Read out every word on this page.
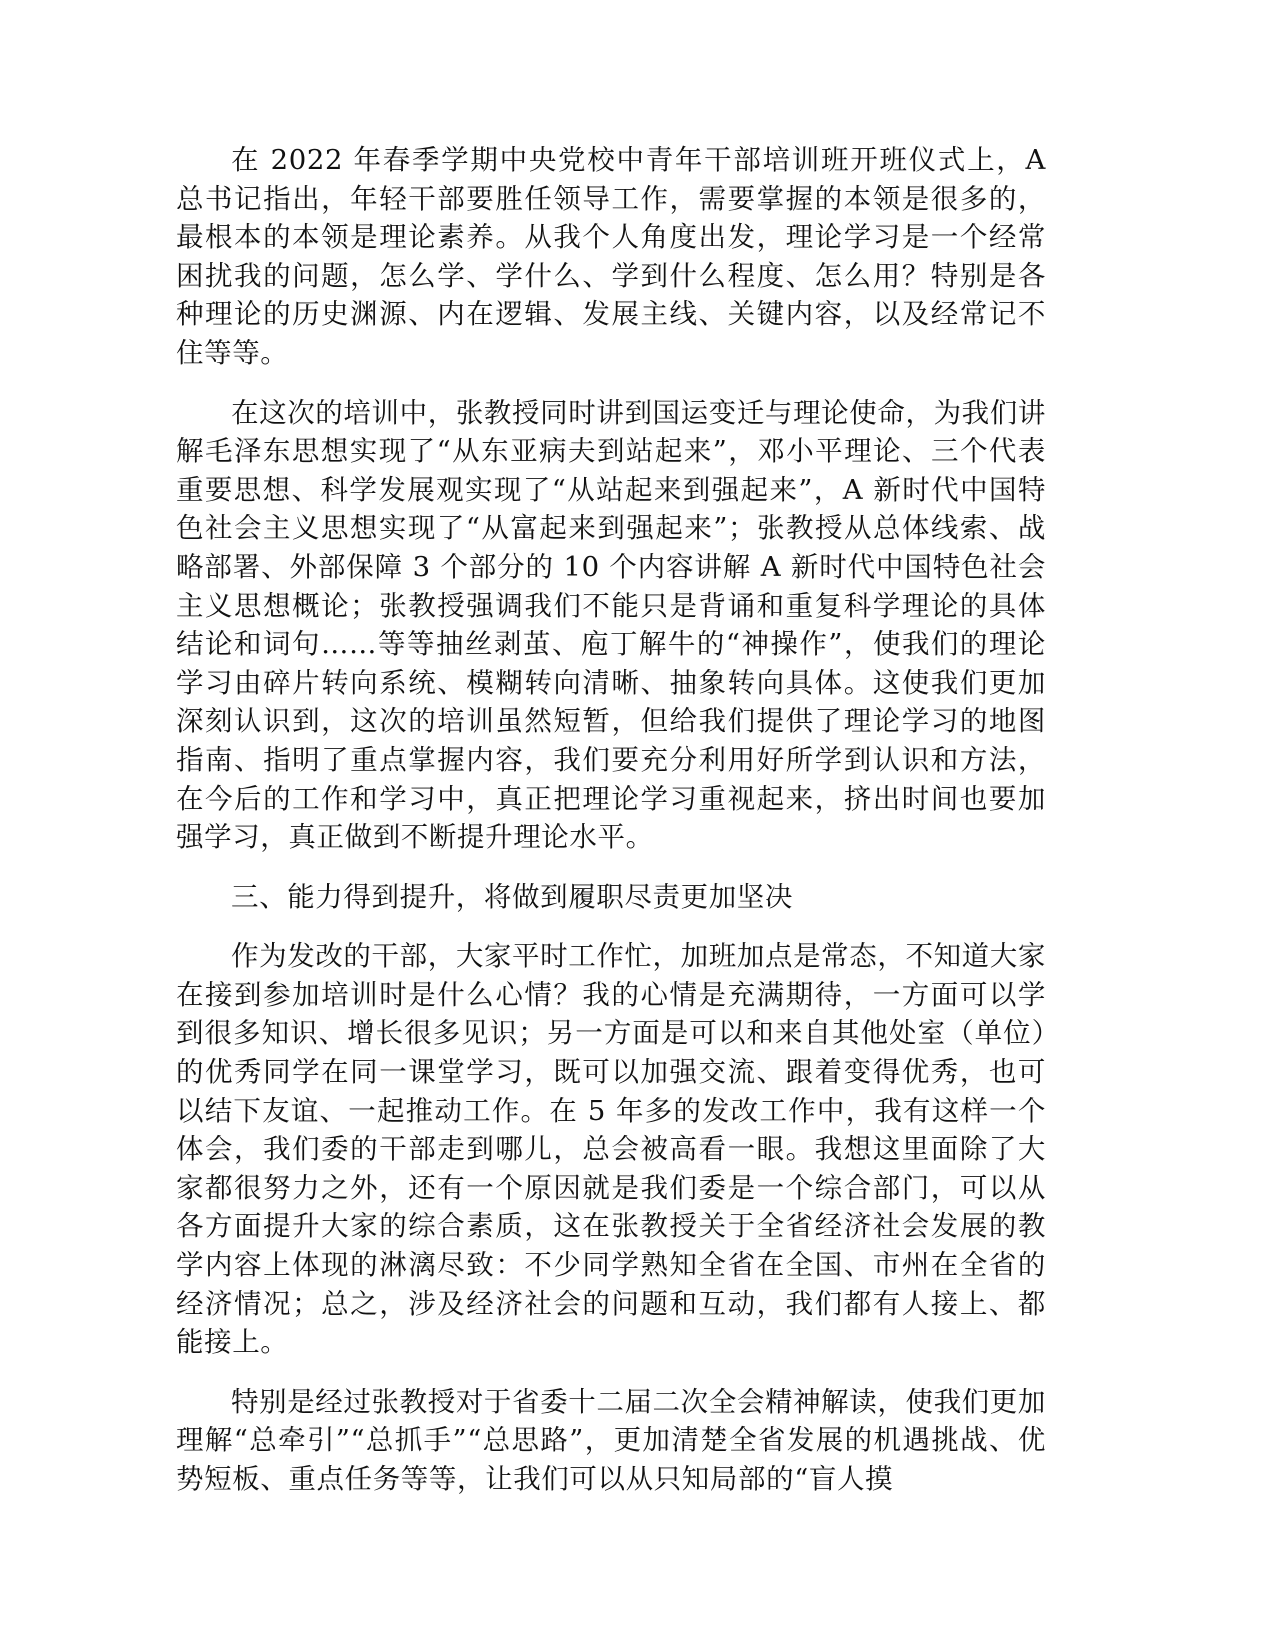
在 2022 年春季学期中央党校中青年干部培训班开班仪式上，A 总书记指出，年轻干部要胜任领导工作，需要掌握的本领是很多的，最根本的本领是理论素养。从我个人角度出发，理论学习是一个经常困扰我的问题，怎么学、学什么、学到什么程度、怎么用？特别是各种理论的历史渊源、内在逻辑、发展主线、关键内容，以及经常记不住等等。

在这次的培训中，张教授同时讲到国运变迁与理论使命，为我们讲解毛泽东思想实现了“从东亚病夫到站起来”，邓小平理论、三个代表重要思想、科学发展观实现了“从站起来到强起来”，A 新时代中国特色社会主义思想实现了“从富起来到强起来”；张教授从总体线索、战略部署、外部保障 3 个部分的 10 个内容讲解 A 新时代中国特色社会主义思想概论；张教授强调我们不能只是背诵和重复科学理论的具体结论和词句……等等抽丝剥茧、庖丁解牛的“神操作”，使我们的理论学习由碎片转向系统、模糊转向清晰、抽象转向具体。这使我们更加深刻认识到，这次的培训虽然短暂，但给我们提供了理论学习的地图指南、指明了重点掌握内容，我们要充分利用好所学到认识和方法，在今后的工作和学习中，真正把理论学习重视起来，挤出时间也要加强学习，真正做到不断提升理论水平。

三、能力得到提升，将做到履职尽责更加坚决

作为发改的干部，大家平时工作忙，加班加点是常态，不知道大家在接到参加培训时是什么心情？我的心情是充满期待，一方面可以学到很多知识、增长很多见识；另一方面是可以和来自其他处室（单位）的优秀同学在同一课堂学习，既可以加强交流、跟着变得优秀，也可以结下友谊、一起推动工作。在 5 年多的发改工作中，我有这样一个体会，我们委的干部走到哪儿，总会被高看一眼。我想这里面除了大家都很努力之外，还有一个原因就是我们委是一个综合部门，可以从各方面提升大家的综合素质，这在张教授关于全省经济社会发展的教学内容上体现的淋漓尽致：不少同学熟知全省在全国、市州在全省的经济情况；总之，涉及经济社会的问题和互动，我们都有人接上、都能接上。

特别是经过张教授对于省委十二届二次全会精神解读，使我们更加理解“总牵引”“总抓手”“总思路”，更加清楚全省发展的机遇挑战、优势短板、重点任务等等，让我们可以从只知局部的“盲人摸
